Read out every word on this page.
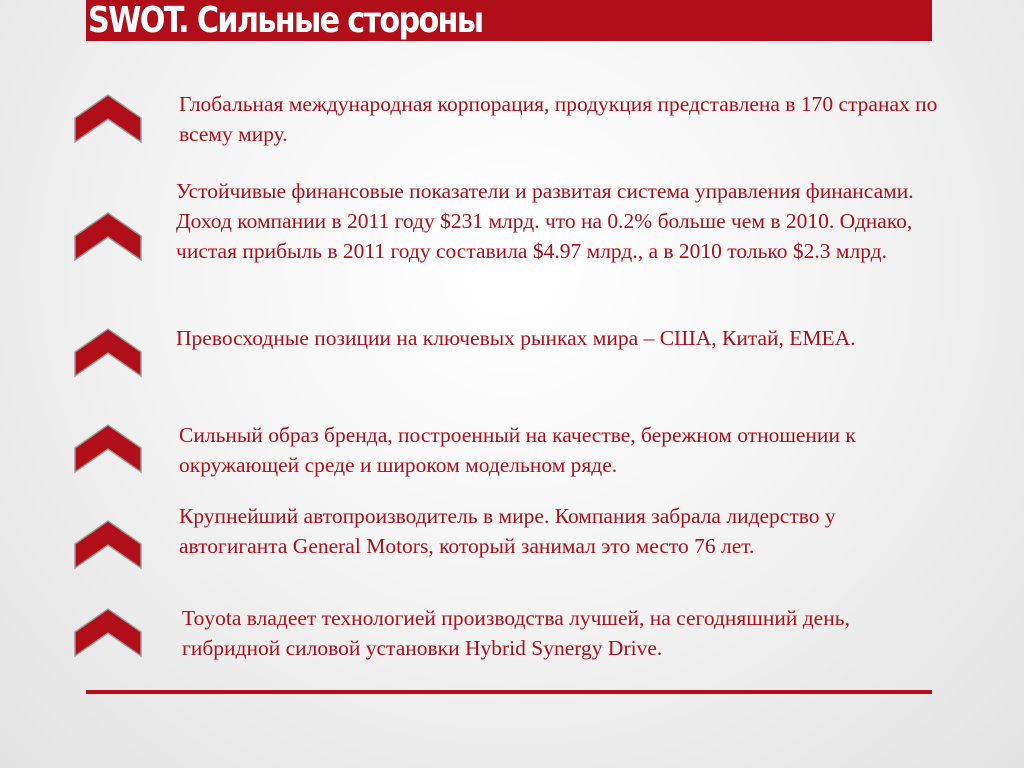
SWOT. Сильные стороны

Глобальная международная корпорация, продукция представлена в 170 странах по всему миру.

Устойчивые финансовые показатели и развитая система управления финансами. Доход компании в 2011 году $231 млрд. что на 0.2% больше чем в 2010. Однако, чистая прибыль в 2011 году составила $4.97 млрд., а в 2010 только $2.3 млрд.

Превосходные позиции на ключевых рынках мира – США, Китай, EMEA.

Сильный образ бренда, построенный на качестве, бережном отношении к окружающей среде и широком модельном ряде.

Крупнейший автопроизводитель в мире. Компания забрала лидерство у автогиганта General Motors, который занимал это место 76 лет.

Toyota владеет технологией производства лучшей, на сегодняшний день, гибридной силовой установки Hybrid Synergy Drive.
